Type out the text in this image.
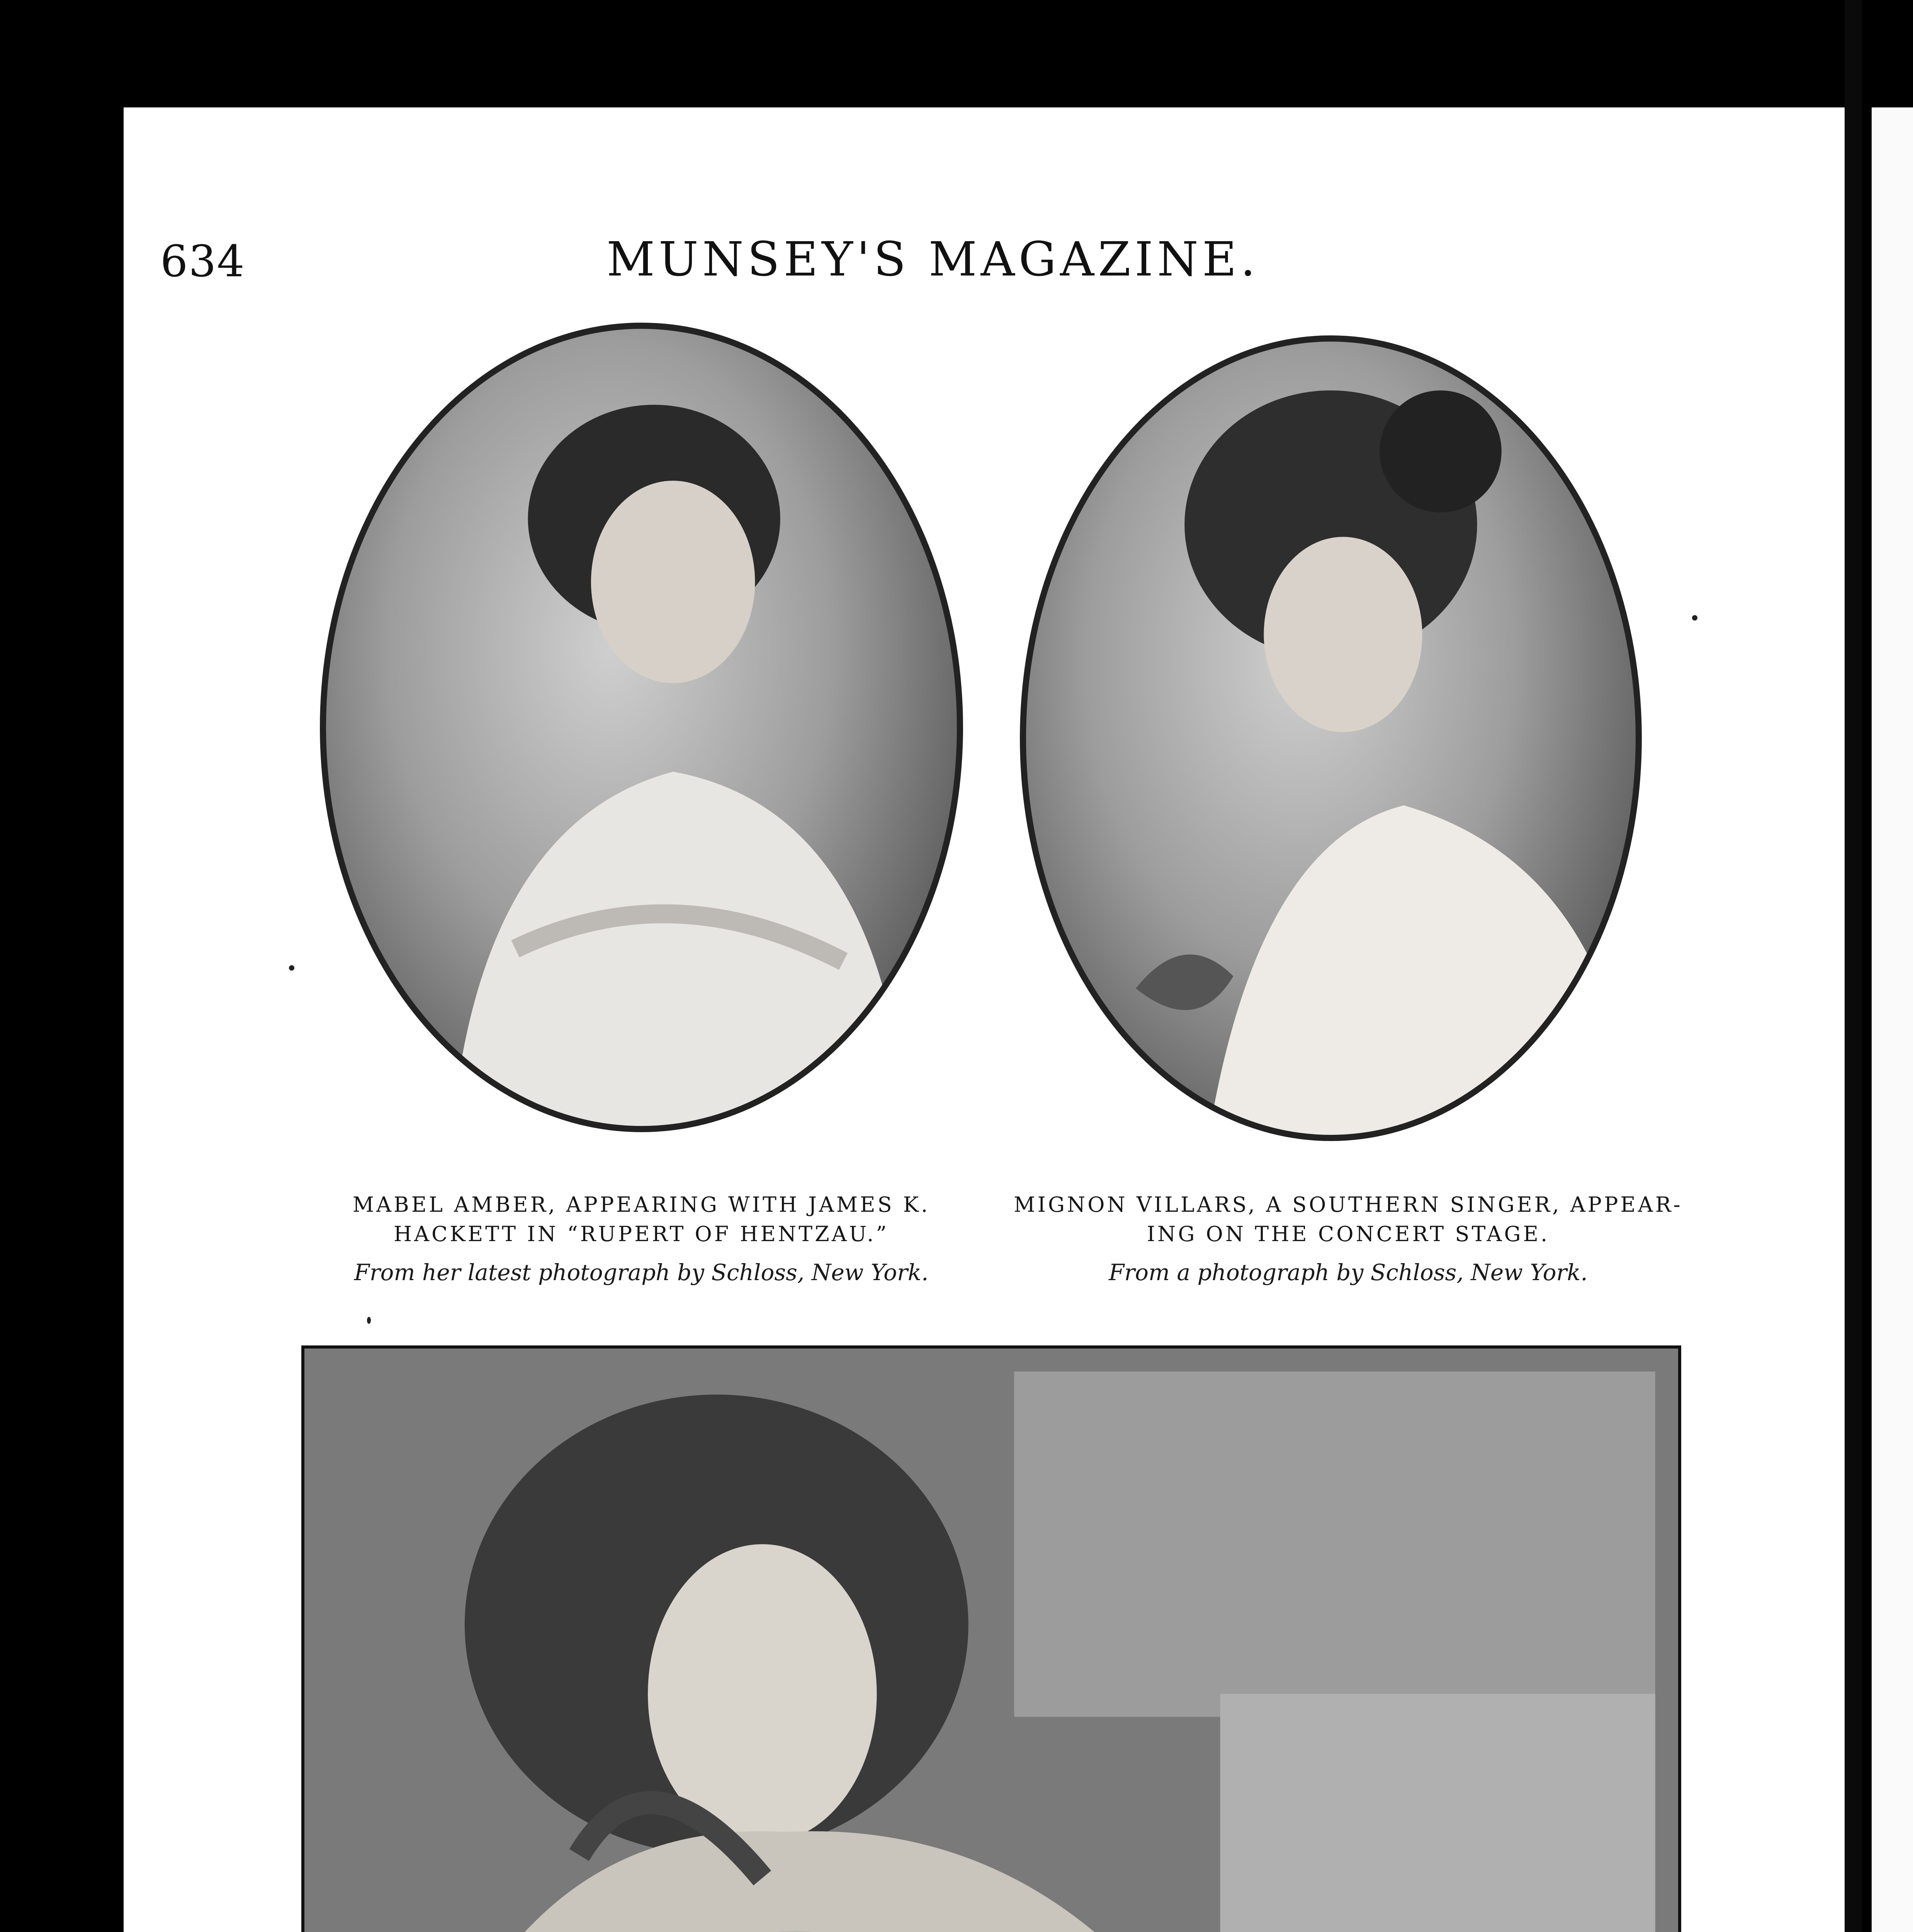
634	MUNSEY'S MAGAZINE.
MABEL AMBER, APPEARING WITH JAMES K.
HACKETT IN “RUPERT OF HENTZAU.”
From her latest photograph by Schloss, New York.
MIGNON VILLARS, A SOUTHERN SINGER, APPEAR-
ING ON THE CONCERT STAGE.
From a photograph by Schloss, New York.
